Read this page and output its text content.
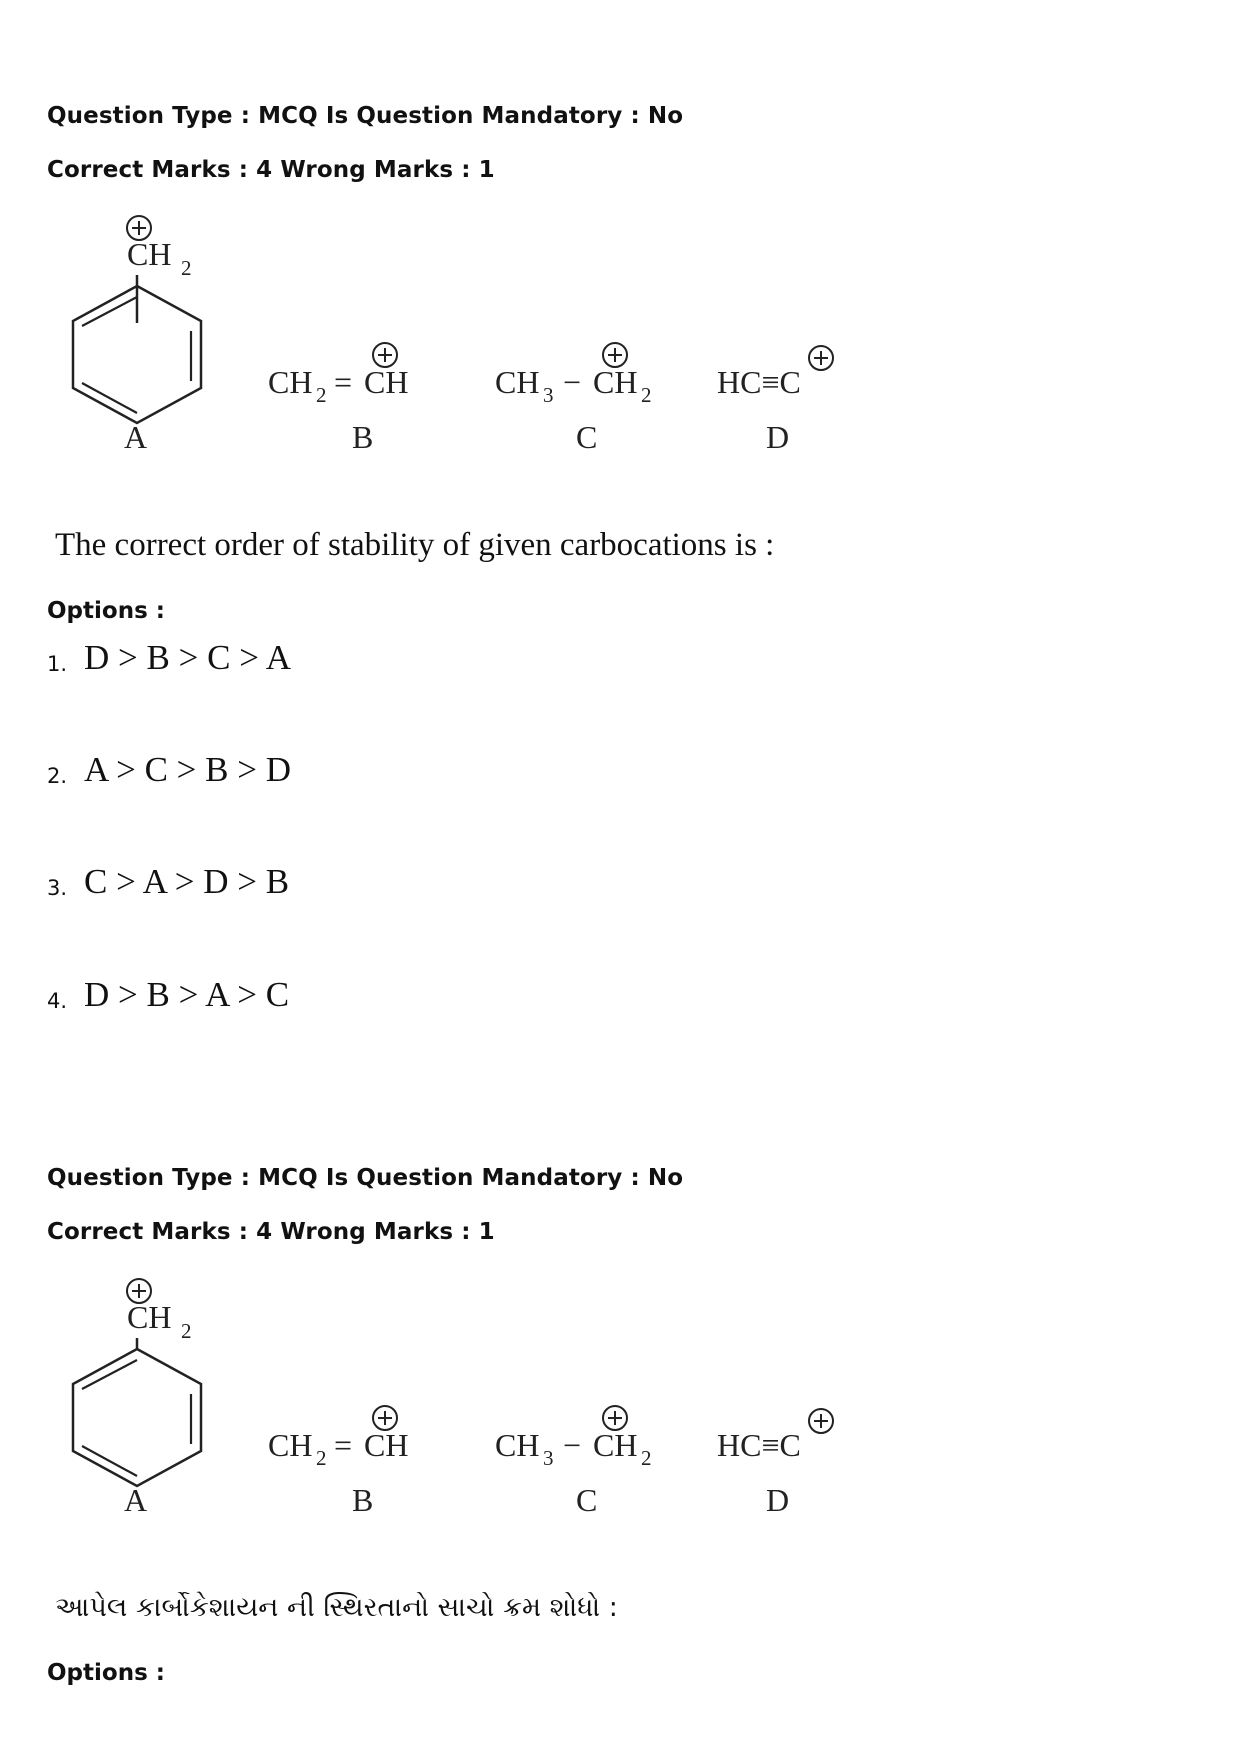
Question Type : MCQ Is Question Mandatory : No
Correct Marks : 4 Wrong Marks : 1
CH 2
A
CH 2 = CH
B
CH 3 − CH 2
C
HC≡C
D
The correct order of stability of given carbocations is :
Options :
1. D > B > C > A
2. A > C > B > D
3. C > A > D > B
4. D > B > A > C
Question Type : MCQ Is Question Mandatory : No
Correct Marks : 4 Wrong Marks : 1
CH 2
A
CH 2 = CH
B
CH 3 − CH 2
C
HC≡C
D
આપેલ કાર્બોકેશાયન ની સ્થિરતાનો સાચો ક્રમ શોધો :
Options :
